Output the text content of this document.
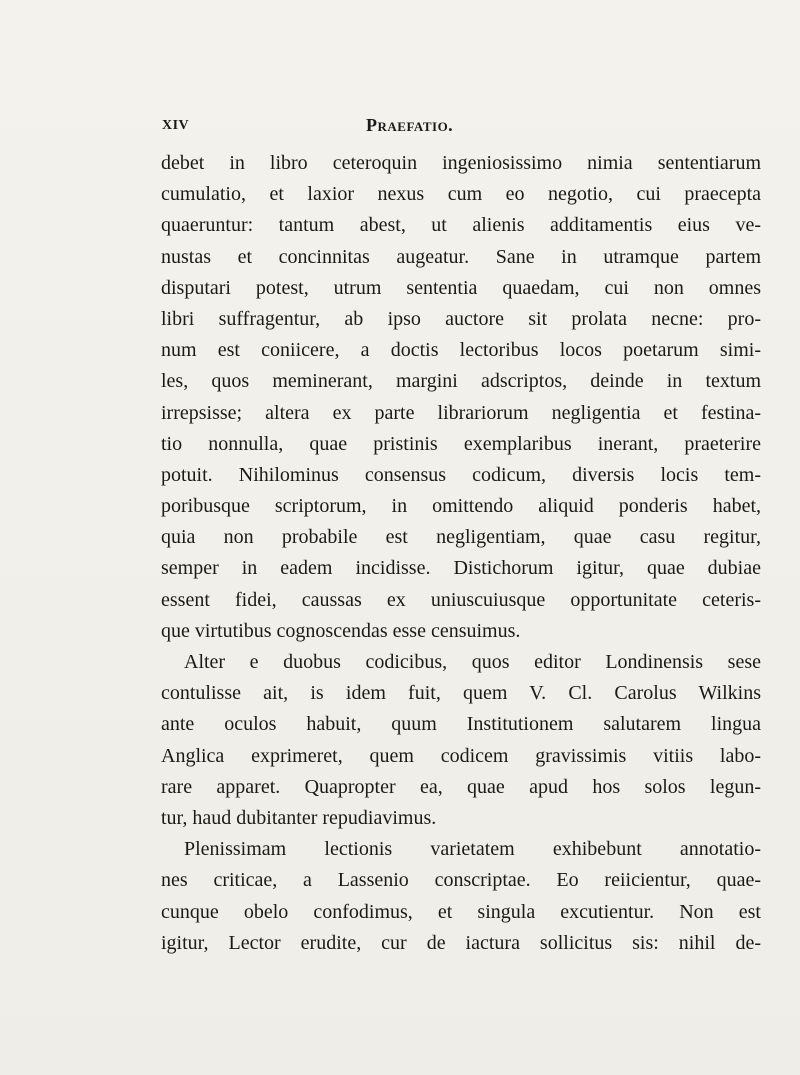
XIV	Praefatio.
debet in libro ceteroquin ingeniosissimo nimia sententiarum
cumulatio, et laxior nexus cum eo negotio, cui praecepta
quaeruntur: tantum abest, ut alienis additamentis eius ve-
nustas et concinnitas augeatur. Sane in utramque partem
disputari potest, utrum sententia quaedam, cui non omnes
libri suffragentur, ab ipso auctore sit prolata necne: pro-
num est coniicere, a doctis lectoribus locos poetarum simi-
les, quos meminerant, margini adscriptos, deinde in textum
irrepsisse; altera ex parte librariorum negligentia et festina-
tio nonnulla, quae pristinis exemplaribus inerant, praeterire
potuit. Nihilominus consensus codicum, diversis locis tem-
poribusque scriptorum, in omittendo aliquid ponderis habet,
quia non probabile est negligentiam, quae casu regitur,
semper in eadem incidisse. Distichorum igitur, quae dubiae
essent fidei, caussas ex uniuscuiusque opportunitate ceteris-
que virtutibus cognoscendas esse censuimus.
Alter e duobus codicibus, quos editor Londinensis sese
contulisse ait, is idem fuit, quem V. Cl. Carolus Wilkins
ante oculos habuit, quum Institutionem salutarem lingua
Anglica exprimeret, quem codicem gravissimis vitiis labo-
rare apparet. Quapropter ea, quae apud hos solos legun-
tur, haud dubitanter repudiavimus.
Plenissimam lectionis varietatem exhibebunt annotatio-
nes criticae, a Lassenio conscriptae. Eo reiicientur, quae-
cunque obelo confodimus, et singula excutientur. Non est
igitur, Lector erudite, cur de iactura sollicitus sis: nihil de-
